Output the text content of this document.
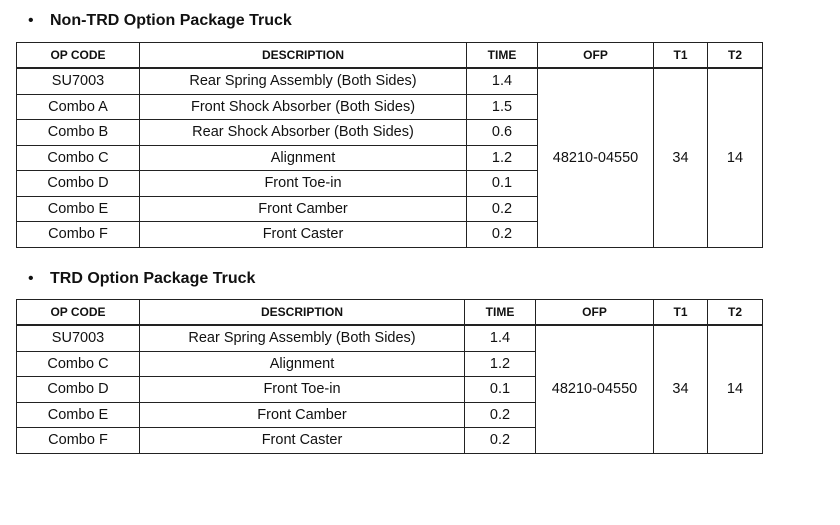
• Non-TRD Option Package Truck
OP CODE	DESCRIPTION	TIME	OFP	T1	T2
SU7003	Rear Spring Assembly (Both Sides)	1.4	48210-04550	34	14
Combo A	Front Shock Absorber (Both Sides)	1.5			
Combo B	Rear Shock Absorber (Both Sides)	0.6			
Combo C	Alignment	1.2			
Combo D	Front Toe-in	0.1			
Combo E	Front Camber	0.2			
Combo F	Front Caster	0.2			
• TRD Option Package Truck
OP CODE	DESCRIPTION	TIME	OFP	T1	T2
SU7003	Rear Spring Assembly (Both Sides)	1.4	48210-04550	34	14
Combo C	Alignment	1.2			
Combo D	Front Toe-in	0.1			
Combo E	Front Camber	0.2			
Combo F	Front Caster	0.2			
